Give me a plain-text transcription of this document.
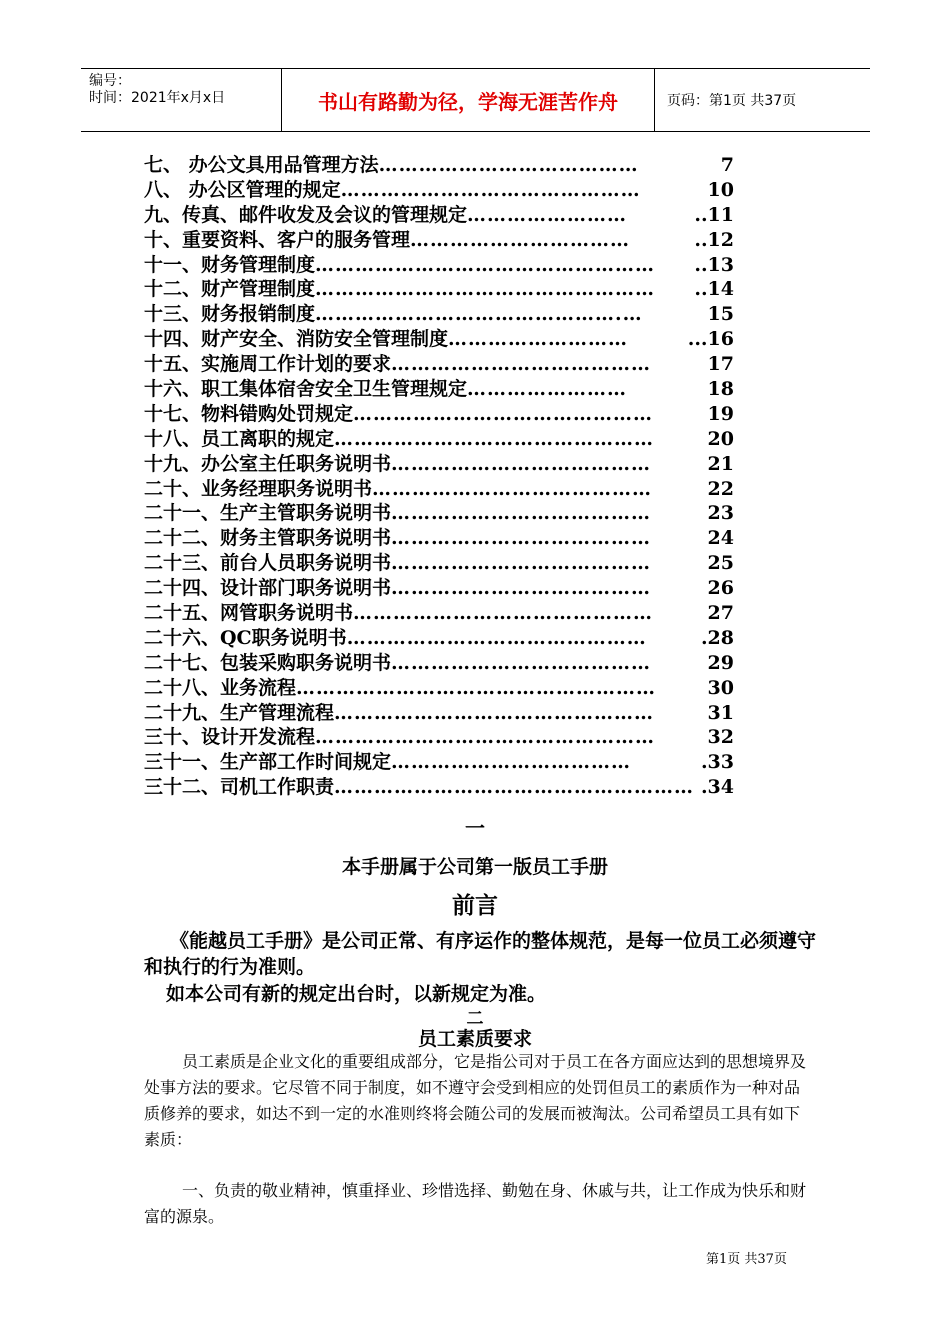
编号：
时间：2021年x月x日	书山有路勤为径，学海无涯苦作舟	页码：第1页 共37页
七、 办公文具用品管理方法 …………………………………	7
八、 办公区管理的规定 ………………………………………	10
九、传真、邮件收发及会议的管理规定 ……………………	..11
十、重要资料、客户的服务管理 ……………………………	..12
十一、财务管理制度 ……………………………………………	..13
十二、财产管理制度 ……………………………………………	..14
十三、财务报销制度 ……………………………………….…	15
十四、财产安全、消防安全管理制度 ………………………	...16
十五、实施周工作计划的要求 …………………………………	17
十六、职工集体宿舍安全卫生管理规定 ……………………	18
十七、物料错购处罚规定 ………………………………………	19
十八、员工离职的规定 …………………………………………	20
十九、办公室主任职务说明书 …………………………………	21
二十、业务经理职务说明书 ……………………………………	22
二十一、生产主管职务说明书 …………………………………	23
二十二、财务主管职务说明书 …………………………………	24
二十三、前台人员职务说明书 …………………………………	25
二十四、设计部门职务说明书 …………………………………	26
二十五、网管职务说明书 ………………………………………	27
二十六、QC职务说明书 ………………………………………	.28
二十七、包装采购职务说明书 …………………………………	29
二十八、业务流程 ………………………………………………	30
二十九、生产管理流程 …………………………………………	31
三十、设计开发流程 ……………………………………………	32
三十一、生产部工作时间规定 ………………………………	.33
三十二、司机工作职责 ……………………………………………… .34
一
本手册属于公司第一版员工手册
前言
《能越员工手册》是公司正常、有序运作的整体规范，是每一位员工必须遵守和执行的行为准则。
如本公司有新的规定出台时，以新规定为准。
二
员工素质要求
员工素质是企业文化的重要组成部分，它是指公司对于员工在各方面应达到的思想境界及处事方法的要求。它尽管不同于制度，如不遵守会受到相应的处罚但员工的素质作为一种对品质修养的要求，如达不到一定的水准则终将会随公司的发展而被淘汰。公司希望员工具有如下素质：
一、负责的敬业精神，慎重择业、珍惜选择、勤勉在身、休戚与共，让工作成为快乐和财富的源泉。
第1页 共37页
